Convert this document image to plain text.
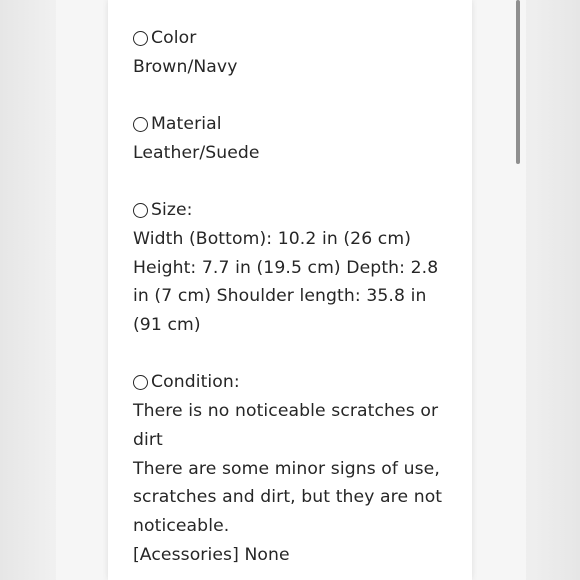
Color
Brown/Navy
Material
Leather/Suede
Size:
Width (Bottom): 10.2 in (26 cm)
Height: 7.7 in (19.5 cm) Depth: 2.8
in (7 cm) Shoulder length: 35.8 in
(91 cm)
Condition:
There is no noticeable scratches or
dirt
There are some minor signs of use,
scratches and dirt, but they are not
noticeable.
[Acessories] None
